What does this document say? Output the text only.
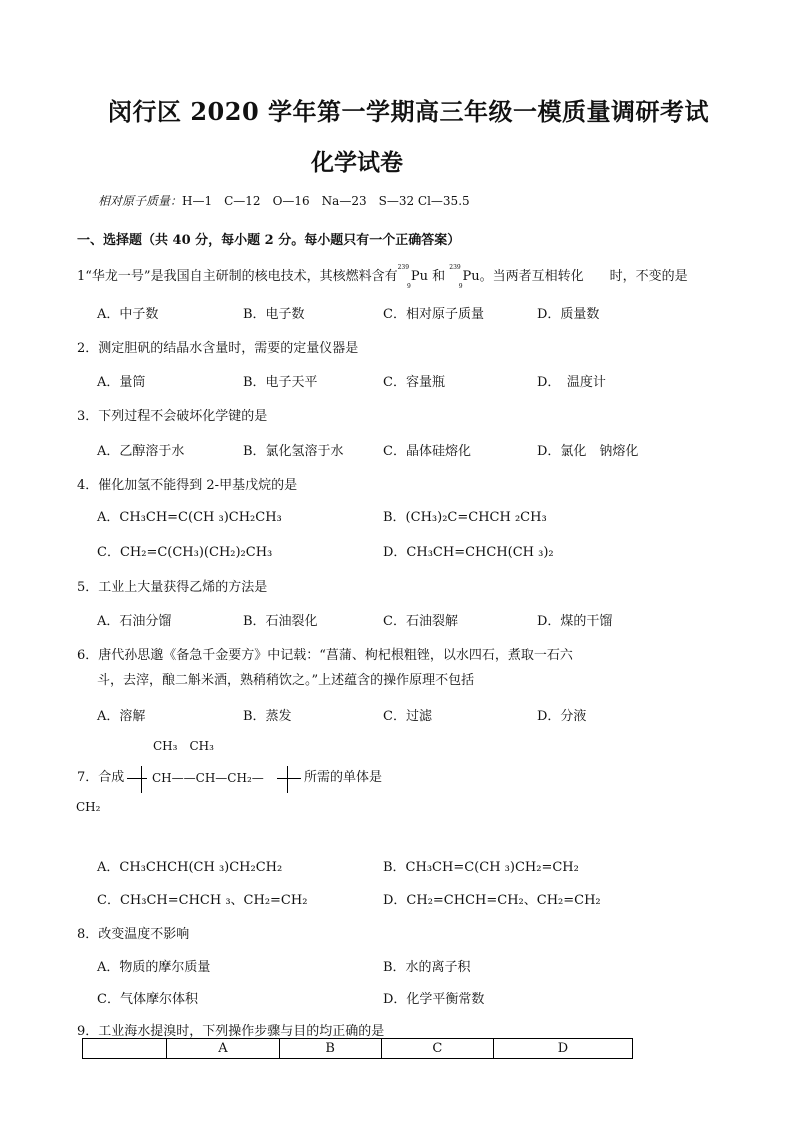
闵行区 2020 学年第一学期高三年级一模质量调研考试
化学试卷
相对原子质量：H—1　C—12　O—16　Na—23　S—32 Cl—35.5
一、选择题（共 40 分，每小题 2 分。每小题只有一个正确答案）
1“华龙一号”是我国自主研制的核电技术，其核燃料含有$^{239}_9$Pu 和 $^{239}_9$Pu。当两者互相转化　　时，不变的是
A．中子数	B．电子数	C．相对原子质量	D．质量数
2．测定胆矾的结晶水含量时，需要的定量仪器是
A．量筒	B．电子天平	C．容量瓶	D．　温度计
3．下列过程不会破坏化学键的是
A．乙醇溶于水	B．氯化氢溶于水	C．晶体硅熔化	D．氯化　钠熔化
4．催化加氢不能得到 2-甲基戊烷的是
A．CH₃CH=C(CH ₃)CH₂CH₃	B．(CH₃)₂C=CHCH ₂CH₃
C．CH₂=C(CH₃)(CH₂)₂CH₃	D．CH₃CH=CHCH(CH ₃)₂
5．工业上大量获得乙烯的方法是
A．石油分馏	B．石油裂化	C．石油裂解	D．煤的干馏
6．唐代孙思邈《备急千金要方》中记载：“菖蒲、枸杞根粗锉，以水四石，煮取一石六
斗，去滓，酿二斛米酒，熟稍稍饮之。”上述蕴含的操作原理不包括
A．溶解	B．蒸发	C．过滤	D．分液
CH₃　CH₃
7．合成 CH——CH—CH₂—	所需的单体是
CH₂
A．CH₃CHCH(CH ₃)CH₂CH₂	B．CH₃CH=C(CH ₃)CH₂=CH₂
C．CH₃CH=CHCH ₃、CH₂=CH₂	D．CH₂=CHCH=CH₂、CH₂=CH₂
8．改变温度不影响
A．物质的摩尔质量	B．水的离子积
C．气体摩尔体积	D．化学平衡常数
9．工业海水提溴时，下列操作步骤与目的均正确的是
	A	B	C	D
